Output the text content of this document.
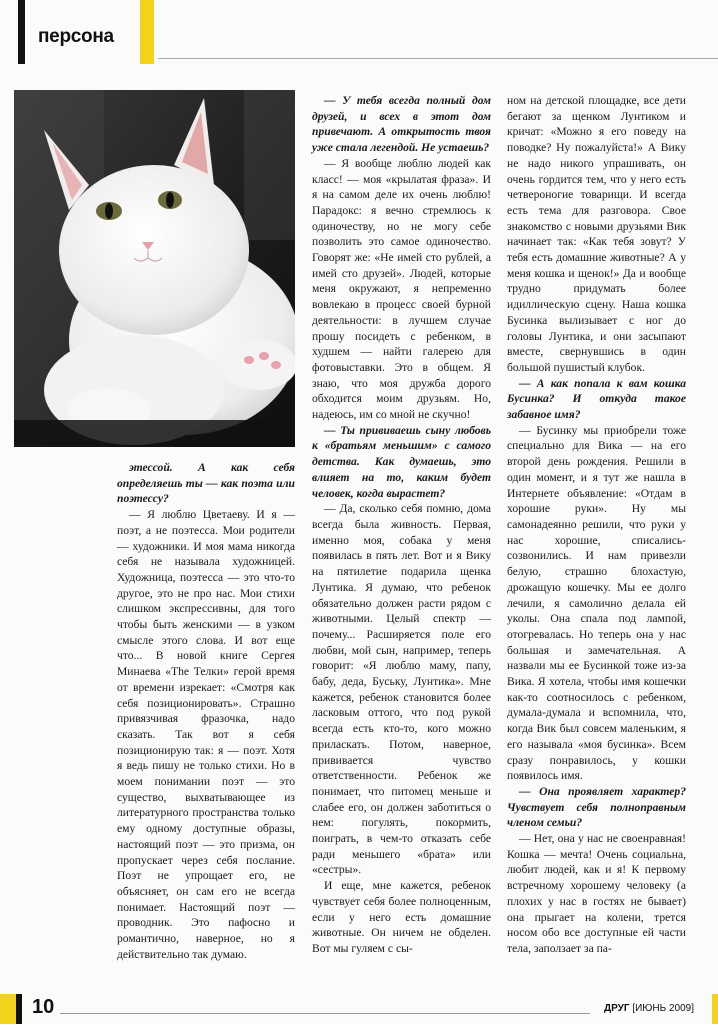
персона

этессой. А как себя определяешь ты — как поэта или поэтессу?

— Я люблю Цветаеву. И я — поэт, а не поэтесса. Мои родители — художники. И моя мама никогда себя не называла художницей. Художница, поэтесса — это что-то другое, это не про нас. Мои стихи слишком экспрессивны, для того чтобы быть женскими — в узком смысле этого слова. И вот еще что... В новой книге Сергея Минаева «The Телки» герой время от времени изрекает: «Смотря как себя позиционировать». Страшно привязчивая фразочка, надо сказать. Так вот я себя позиционирую так: я — поэт. Хотя я ведь пишу не только стихи. Но в моем понимании поэт — это существо, выхватывающее из литературного пространства только ему одному доступные образы, настоящий поэт — это призма, он пропускает через себя послание. Поэт не упрощает его, не объясняет, он сам его не всегда понимает. Настоящий поэт — проводник. Это пафосно и романтично, наверное, но я действительно так думаю.

— У тебя всегда полный дом друзей, и всех в этот дом привечают. А открытость твоя уже стала легендой. Не устаешь?

— Я вообще люблю людей как класс! — моя «крылатая фраза». И я на самом деле их очень люблю! Парадокс: я вечно стремлюсь к одиночеству, но не могу себе позволить это самое одиночество. Говорят же: «Не имей сто рублей, а имей сто друзей». Людей, которые меня окружают, я непременно вовлекаю в процесс своей бурной деятельности: в лучшем случае прошу посидеть с ребенком, в худшем — найти галерею для фотовыставки. Это в общем. Я знаю, что моя дружба дорого обходится моим друзьям. Но, надеюсь, им со мной не скучно!

— Ты прививаешь сыну любовь к «братьям меньшим» с самого детства. Как думаешь, это влияет на то, каким будет человек, когда вырастет?

— Да, сколько себя помню, дома всегда была живность. Первая, именно моя, собака у меня появилась в пять лет. Вот и я Вику на пятилетие подарила щенка Лунтика. Я думаю, что ребенок обязательно должен расти рядом с животными. Целый спектр — почему... Расширяется поле его любви, мой сын, например, теперь говорит: «Я люблю маму, папу, бабу, деда, Буську, Лунтика». Мне кажется, ребенок становится более ласковым оттого, что под рукой всегда есть кто-то, кого можно приласкать. Потом, наверное, прививается чувство ответственности. Ребенок же понимает, что питомец меньше и слабее его, он должен заботиться о нем: погулять, покормить, поиграть, в чем-то отказать себе ради меньшего «брата» или «сестры».

И еще, мне кажется, ребенок чувствует себя более полноценным, если у него есть домашние животные. Он ничем не обделен. Вот мы гуляем с сы-

ном на детской площадке, все дети бегают за щенком Лунтиком и кричат: «Можно я его поведу на поводке? Ну пожалуйста!» А Вику не надо никого упрашивать, он очень гордится тем, что у него есть четвероногие товарищи. И всегда есть тема для разговора. Свое знакомство с новыми друзьями Вик начинает так: «Как тебя зовут? У тебя есть домашние животные? А у меня кошка и щенок!» Да и вообще трудно придумать более идиллическую сцену. Наша кошка Бусинка вылизывает с ног до головы Лунтика, и они засыпают вместе, свернувшись в один большой пушистый клубок.

— А как попала к вам кошка Бусинка? И откуда такое забавное имя?

— Бусинку мы приобрели тоже специально для Вика — на его второй день рождения. Решили в один момент, и я тут же нашла в Интернете объявление: «Отдам в хорошие руки». Ну мы самонадеянно решили, что руки у нас хорошие, списались-созвонились. И нам привезли белую, страшно блохастую, дрожащую кошечку. Мы ее долго лечили, я самолично делала ей уколы. Она спала под лампой, отогревалась. Но теперь она у нас большая и замечательная. А назвали мы ее Бусинкой тоже из-за Вика. Я хотела, чтобы имя кошечки как-то соотносилось с ребенком, думала-думала и вспомнила, что, когда Вик был совсем маленьким, я его называла «моя бусинка». Всем сразу понравилось, у кошки появилось имя.

— Она проявляет характер? Чувствует себя полноправным членом семьи?

— Нет, она у нас не своенравная! Кошка — мечта! Очень социальна, любит людей, как и я! К первому встречному хорошему человеку (а плохих у нас в гостях не бывает) она прыгает на колени, трется носом обо все доступные ей части тела, заползает за па-

10	ДРУГ [ИЮНЬ 2009]
